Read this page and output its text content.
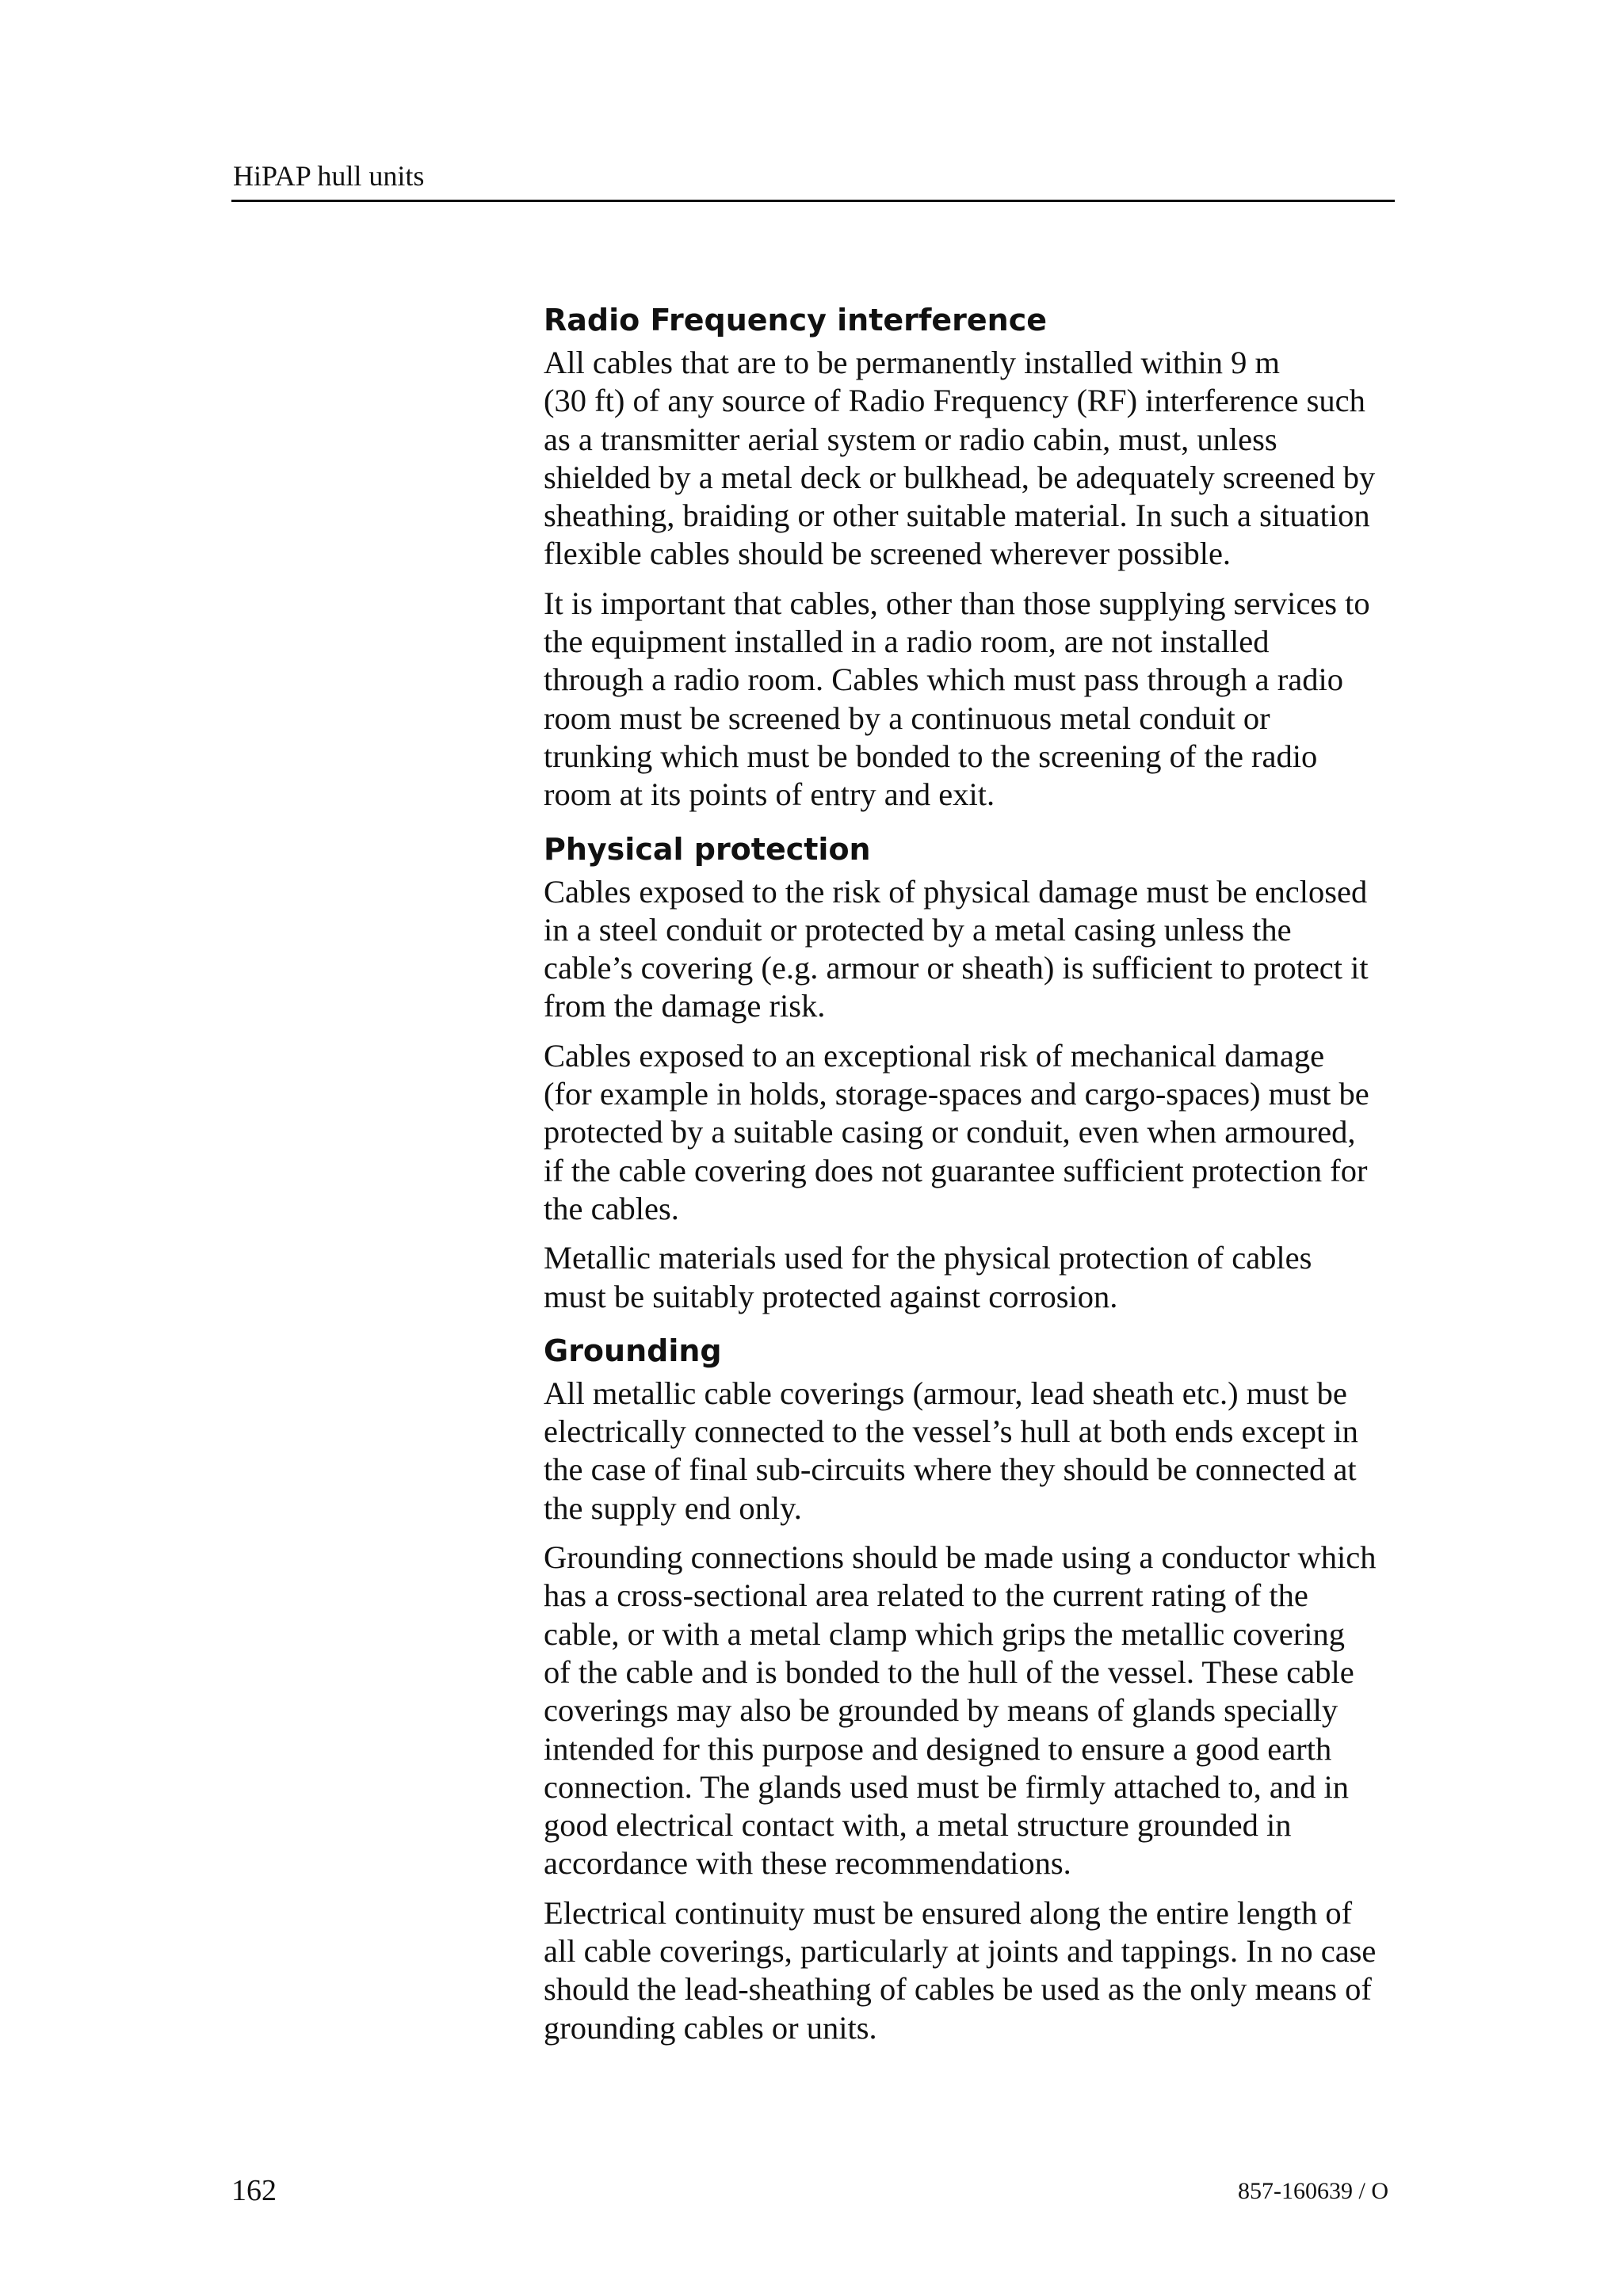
HiPAP hull units
Radio Frequency interference
All cables that are to be permanently installed within 9 m
(30 ft) of any source of Radio Frequency (RF) interference such
as a transmitter aerial system or radio cabin, must, unless
shielded by a metal deck or bulkhead, be adequately screened by
sheathing, braiding or other suitable material. In such a situation
flexible cables should be screened wherever possible.
It is important that cables, other than those supplying services to
the equipment installed in a radio room, are not installed
through a radio room. Cables which must pass through a radio
room must be screened by a continuous metal conduit or
trunking which must be bonded to the screening of the radio
room at its points of entry and exit.
Physical protection
Cables exposed to the risk of physical damage must be enclosed
in a steel conduit or protected by a metal casing unless the
cable’s covering (e.g. armour or sheath) is sufficient to protect it
from the damage risk.
Cables exposed to an exceptional risk of mechanical damage
(for example in holds, storage-spaces and cargo-spaces) must be
protected by a suitable casing or conduit, even when armoured,
if the cable covering does not guarantee sufficient protection for
the cables.
Metallic materials used for the physical protection of cables
must be suitably protected against corrosion.
Grounding
All metallic cable coverings (armour, lead sheath etc.) must be
electrically connected to the vessel’s hull at both ends except in
the case of final sub-circuits where they should be connected at
the supply end only.
Grounding connections should be made using a conductor which
has a cross-sectional area related to the current rating of the
cable, or with a metal clamp which grips the metallic covering
of the cable and is bonded to the hull of the vessel. These cable
coverings may also be grounded by means of glands specially
intended for this purpose and designed to ensure a good earth
connection. The glands used must be firmly attached to, and in
good electrical contact with, a metal structure grounded in
accordance with these recommendations.
Electrical continuity must be ensured along the entire length of
all cable coverings, particularly at joints and tappings. In no case
should the lead-sheathing of cables be used as the only means of
grounding cables or units.
162	857-160639 / O
